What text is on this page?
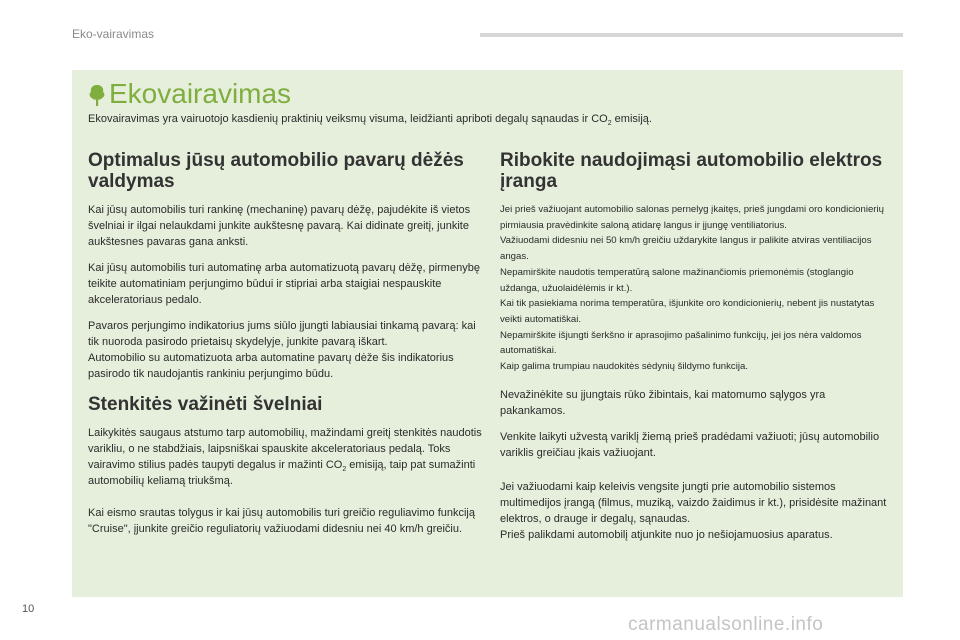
Eko-vairavimas
Ekovairavimas

Ekovairavimas yra vairuotojo kasdienių praktinių veiksmų visuma, leidžianti apriboti degalų sąnaudas ir $CO_2$ emisiją.

Optimalus jūsų automobilio pavarų dėžės valdymas

Kai jūsų automobilis turi rankinę (mechaninę) pavarų dėžę, pajudėkite iš vietos švelniai ir ilgai nelaukdami junkite aukštesnę pavarą. Kai didinate greitį, junkite aukštesnes pavaras gana anksti.

Kai jūsų automobilis turi automatinę arba automatizuotą pavarų dėžę, pirmenybę teikite automatiniam perjungimo būdui ir stipriai arba staigiai nespauskite akceleratoriaus pedalo.

Pavaros perjungimo indikatorius jums siūlo įjungti labiausiai tinkamą pavarą: kai tik nuoroda pasirodo prietaisų skydelyje, junkite pavarą iškart.

Automobilio su automatizuota arba automatine pavarų dėže šis indikatorius pasirodo tik naudojantis rankiniu perjungimo būdu.

Stenkitės važinėti švelniai

Laikykitės saugaus atstumo tarp automobilių, mažindami greitį stenkitės naudotis varikliu, o ne stabdžiais, laipsniškai spauskite akceleratoriaus pedalą. Toks vairavimo stilius padės taupyti degalus ir mažinti $CO_2$ emisiją, taip pat sumažinti automobilių keliamą triukšmą.

Kai eismo srautas tolygus ir kai jūsų automobilis turi greičio reguliavimo funkciją "Cruise", įjunkite greičio reguliatorių važiuodami didesniu nei 40 km/h greičiu.

Ribokite naudojimąsi automobilio elektros įranga

Jei prieš važiuojant automobilio salonas pernelyg įkaitęs, prieš jungdami oro kondicionierių pirmiausia pravėdinkite saloną atidarę langus ir įjungę ventiliatorius.

Važiuodami didesniu nei 50 km/h greičiu uždarykite langus ir palikite atviras ventiliacijos angas.

Nepamirškite naudotis temperatūrą salone mažinančiomis priemonėmis (stoglangio uždanga, užuolaidėlėmis ir kt.).

Kai tik pasiekiama norima temperatūra, išjunkite oro kondicionierių, nebent jis nustatytas veikti automatiškai.

Nepamirškite išjungti šerkšno ir aprasojimo pašalinimo funkcijų, jei jos nėra valdomos automatiškai.

Kaip galima trumpiau naudokitės sėdynių šildymo funkcija.

Nevažinėkite su įjungtais rūko žibintais, kai matomumo sąlygos yra pakankamos.

Venkite laikyti užvestą variklį žiemą prieš pradėdami važiuoti; jūsų automobilio variklis greičiau įkais važiuojant.

Jei važiuodami kaip keleivis vengsite jungti prie automobilio sistemos multimedijos įrangą (filmus, muziką, vaizdo žaidimus ir kt.), prisidėsite mažinant elektros, o drauge ir degalų, sąnaudas.

Prieš palikdami automobilį atjunkite nuo jo nešiojamuosius aparatus.

10
carmanualsonline.info
